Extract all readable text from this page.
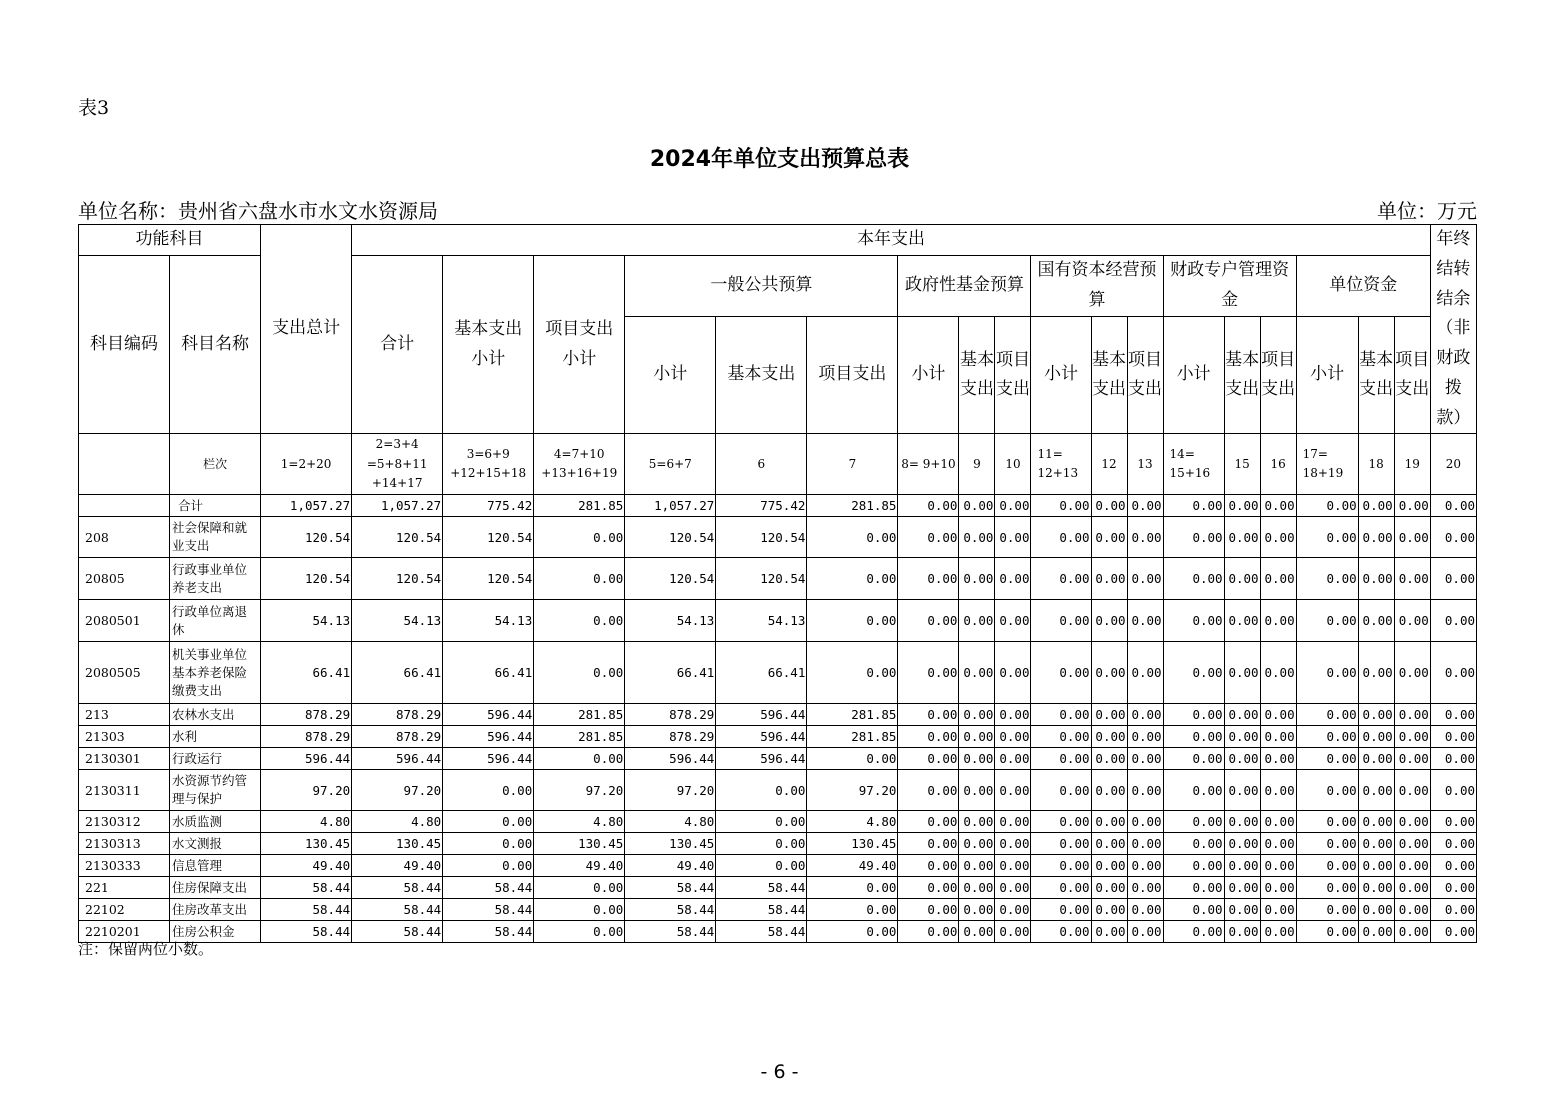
表3
2024年单位支出预算总表
单位名称：贵州省六盘水市水文水资源局	单位：万元
功能科目		支出总计	本年支出																		年终结转结余（非财政拨款）
科目编码	科目名称		合计	基本支出小计	项目支出小计	一般公共预算			政府性基金预算			国有资本经营预算			财政专户管理资金			单位资金			
						小计	基本支出	项目支出	小计	基本支出	项目支出	小计	基本支出	项目支出	小计	基本支出	项目支出	小计	基本支出	项目支出	
	栏次	1=2+20	2=3+4 =5+8+11 +14+17	3=6+9 +12+15+18	4=7+10 +13+16+19	5=6+7	6	7	8= 9+10	9	10	11= 12+13	12	13	14= 15+16	15	16	17= 18+19	18	19	20
	合计	1,057.27	1,057.27	775.42	281.85	1,057.27	775.42	281.85	0.00	0.00	0.00	0.00	0.00	0.00	0.00	0.00	0.00	0.00	0.00	0.00	0.00
208	社会保障和就业支出	120.54	120.54	120.54	0.00	120.54	120.54	0.00	0.00	0.00	0.00	0.00	0.00	0.00	0.00	0.00	0.00	0.00	0.00	0.00	0.00
20805	行政事业单位养老支出	120.54	120.54	120.54	0.00	120.54	120.54	0.00	0.00	0.00	0.00	0.00	0.00	0.00	0.00	0.00	0.00	0.00	0.00	0.00	0.00
2080501	行政单位离退休	54.13	54.13	54.13	0.00	54.13	54.13	0.00	0.00	0.00	0.00	0.00	0.00	0.00	0.00	0.00	0.00	0.00	0.00	0.00	0.00
2080505	机关事业单位基本养老保险缴费支出	66.41	66.41	66.41	0.00	66.41	66.41	0.00	0.00	0.00	0.00	0.00	0.00	0.00	0.00	0.00	0.00	0.00	0.00	0.00	0.00
213	农林水支出	878.29	878.29	596.44	281.85	878.29	596.44	281.85	0.00	0.00	0.00	0.00	0.00	0.00	0.00	0.00	0.00	0.00	0.00	0.00	0.00
21303	水利	878.29	878.29	596.44	281.85	878.29	596.44	281.85	0.00	0.00	0.00	0.00	0.00	0.00	0.00	0.00	0.00	0.00	0.00	0.00	0.00
2130301	行政运行	596.44	596.44	596.44	0.00	596.44	596.44	0.00	0.00	0.00	0.00	0.00	0.00	0.00	0.00	0.00	0.00	0.00	0.00	0.00	0.00
2130311	水资源节约管理与保护	97.20	97.20	0.00	97.20	97.20	0.00	97.20	0.00	0.00	0.00	0.00	0.00	0.00	0.00	0.00	0.00	0.00	0.00	0.00	0.00
2130312	水质监测	4.80	4.80	0.00	4.80	4.80	0.00	4.80	0.00	0.00	0.00	0.00	0.00	0.00	0.00	0.00	0.00	0.00	0.00	0.00	0.00
2130313	水文测报	130.45	130.45	0.00	130.45	130.45	0.00	130.45	0.00	0.00	0.00	0.00	0.00	0.00	0.00	0.00	0.00	0.00	0.00	0.00	0.00
2130333	信息管理	49.40	49.40	0.00	49.40	49.40	0.00	49.40	0.00	0.00	0.00	0.00	0.00	0.00	0.00	0.00	0.00	0.00	0.00	0.00	0.00
221	住房保障支出	58.44	58.44	58.44	0.00	58.44	58.44	0.00	0.00	0.00	0.00	0.00	0.00	0.00	0.00	0.00	0.00	0.00	0.00	0.00	0.00
22102	住房改革支出	58.44	58.44	58.44	0.00	58.44	58.44	0.00	0.00	0.00	0.00	0.00	0.00	0.00	0.00	0.00	0.00	0.00	0.00	0.00	0.00
2210201	住房公积金	58.44	58.44	58.44	0.00	58.44	58.44	0.00	0.00	0.00	0.00	0.00	0.00	0.00	0.00	0.00	0.00	0.00	0.00	0.00	0.00
注：保留两位小数。
- 6 -
